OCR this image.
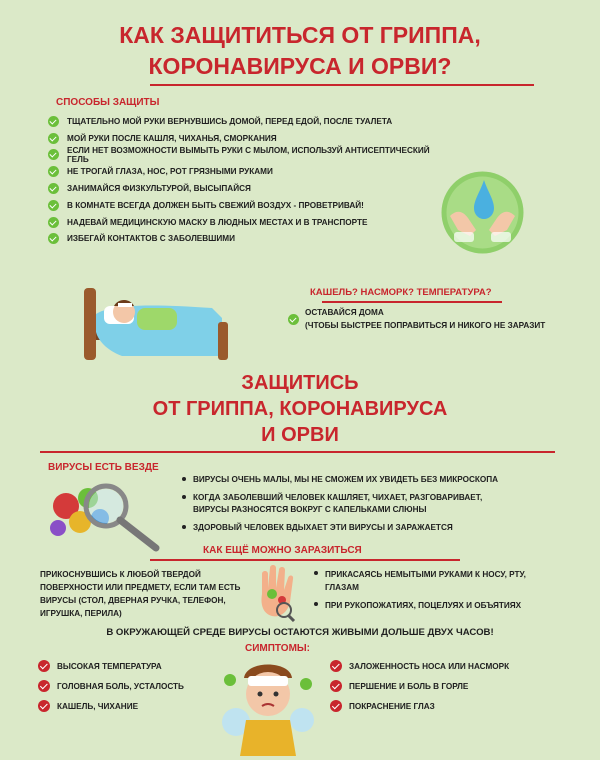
КАК ЗАЩИТИТЬСЯ ОТ ГРИППА,
КОРОНАВИРУСА И ОРВИ?
СПОСОБЫ ЗАЩИТЫ
ТЩАТЕЛЬНО МОЙ РУКИ ВЕРНУВШИСЬ ДОМОЙ, ПЕРЕД ЕДОЙ, ПОСЛЕ ТУАЛЕТА
МОЙ РУКИ ПОСЛЕ КАШЛЯ, ЧИХАНЬЯ, СМОРКАНИЯ
ЕСЛИ НЕТ ВОЗМОЖНОСТИ ВЫМЫТЬ РУКИ С МЫЛОМ, ИСПОЛЬЗУЙ АНТИСЕПТИЧЕСКИЙ ГЕЛЬ
НЕ ТРОГАЙ ГЛАЗА, НОС, РОТ ГРЯЗНЫМИ РУКАМИ
ЗАНИМАЙСЯ ФИЗКУЛЬТУРОЙ, ВЫСЫПАЙСЯ
В КОМНАТЕ ВСЕГДА ДОЛЖЕН БЫТЬ СВЕЖИЙ ВОЗДУХ - ПРОВЕТРИВАЙ!
НАДЕВАЙ МЕДИЦИНСКУЮ МАСКУ В ЛЮДНЫХ МЕСТАХ И В ТРАНСПОРТЕ
ИЗБЕГАЙ КОНТАКТОВ С ЗАБОЛЕВШИМИ
КАШЕЛЬ? НАСМОРК? ТЕМПЕРАТУРА?
ОСТАВАЙСЯ ДОМА
(ЧТОБЫ БЫСТРЕЕ ПОПРАВИТЬСЯ И НИКОГО НЕ ЗАРАЗИТ
ЗАЩИТИСЬ
ОТ ГРИППА, КОРОНАВИРУСА
И ОРВИ
ВИРУСЫ ЕСТЬ ВЕЗДЕ
ВИРУСЫ ОЧЕНЬ МАЛЫ, МЫ НЕ СМОЖЕМ ИХ УВИДЕТЬ БЕЗ МИКРОСКОПА
КОГДА ЗАБОЛЕВШИЙ ЧЕЛОВЕК КАШЛЯЕТ, ЧИХАЕТ, РАЗГОВАРИВАЕТ,
ВИРУСЫ РАЗНОСЯТСЯ ВОКРУГ С КАПЕЛЬКАМИ СЛЮНЫ
ЗДОРОВЫЙ ЧЕЛОВЕК ВДЫХАЕТ ЭТИ ВИРУСЫ И ЗАРАЖАЕТСЯ
КАК ЕЩЁ МОЖНО ЗАРАЗИТЬСЯ
ПРИКОСНУВШИСЬ К ЛЮБОЙ ТВЕРДОЙ
ПОВЕРХНОСТИ ИЛИ ПРЕДМЕТУ, ЕСЛИ ТАМ ЕСТЬ
ВИРУСЫ (СТОЛ, ДВЕРНАЯ РУЧКА, ТЕЛЕФОН,
ИГРУШКА, ПЕРИЛА)
ПРИКАСАЯСЬ НЕМЫТЫМИ РУКАМИ К НОСУ, РТУ,
ГЛАЗАМ
ПРИ РУКОПОЖАТИЯХ, ПОЦЕЛУЯХ И ОБЪЯТИЯХ
В ОКРУЖАЮЩЕЙ СРЕДЕ ВИРУСЫ ОСТАЮТСЯ ЖИВЫМИ ДОЛЬШЕ ДВУХ ЧАСОВ!
СИМПТОМЫ:
ВЫСОКАЯ ТЕМПЕРАТУРА
ГОЛОВНАЯ БОЛЬ, УСТАЛОСТЬ
КАШЕЛЬ, ЧИХАНИЕ
ЗАЛОЖЕННОСТЬ НОСА ИЛИ НАСМОРК
ПЕРШЕНИЕ И БОЛЬ В ГОРЛЕ
ПОКРАСНЕНИЕ ГЛАЗ
